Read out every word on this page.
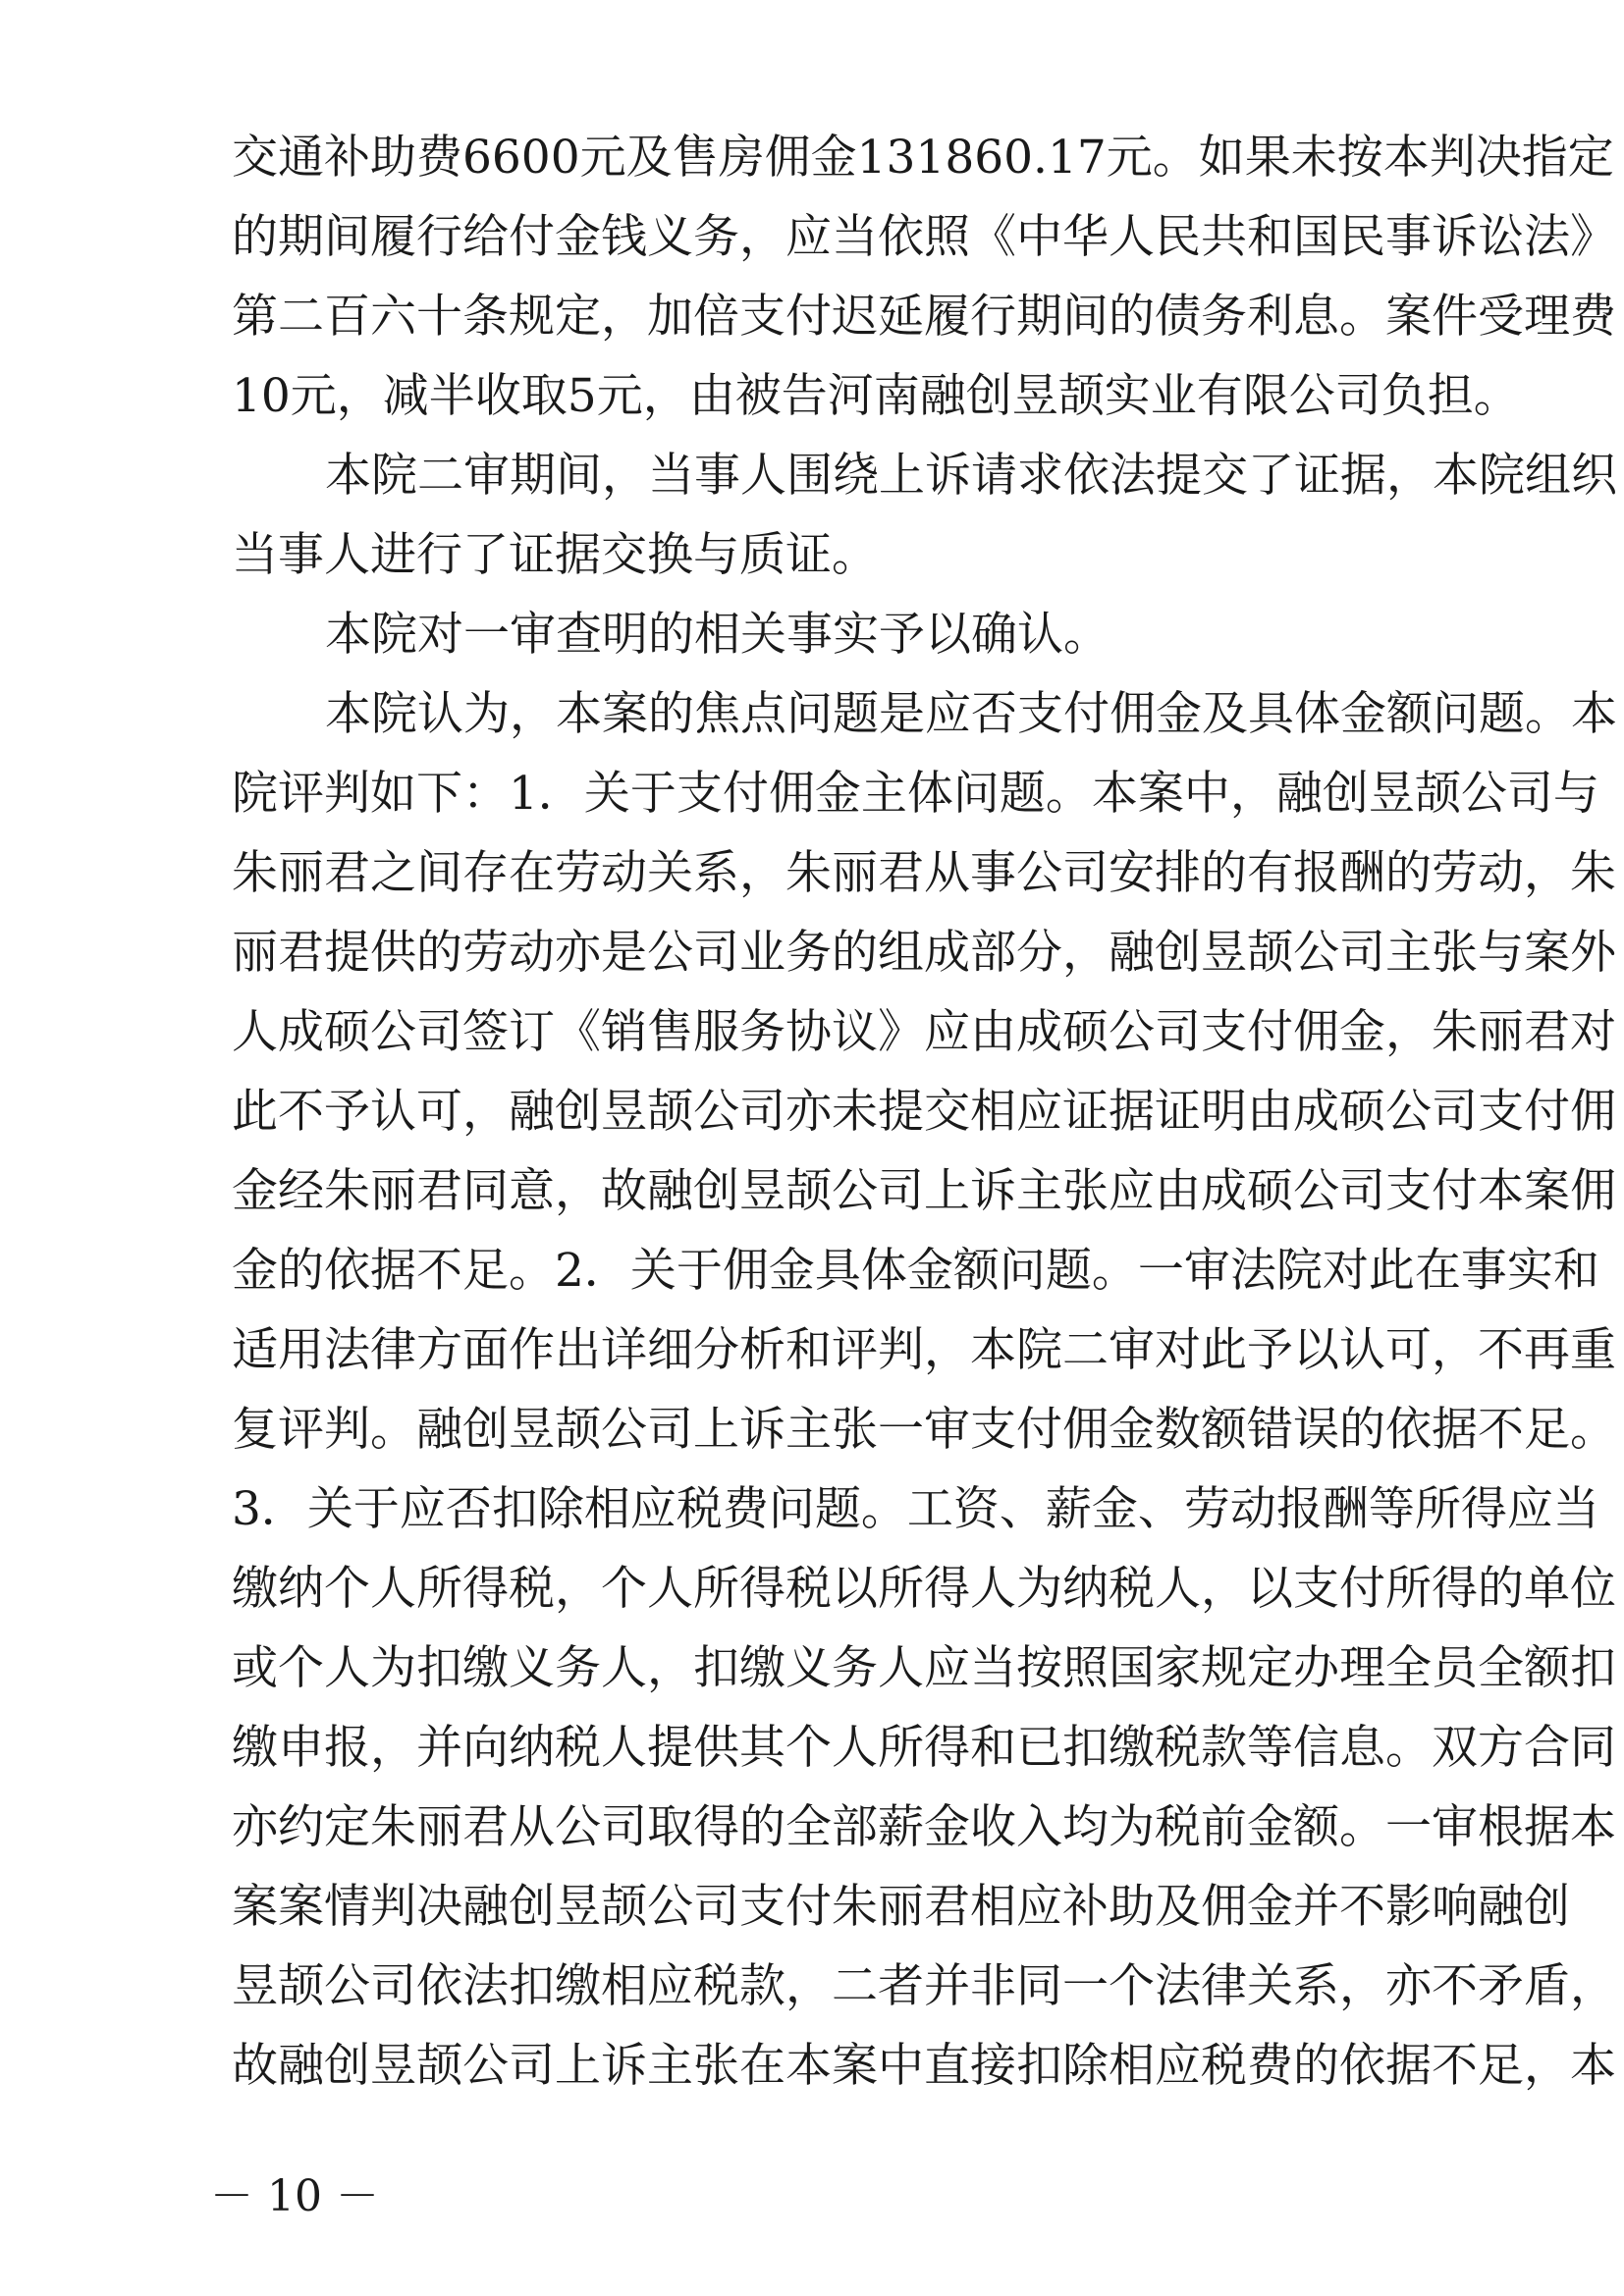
交通补助费6600元及售房佣金131860.17元。如果未按本判决指定
的期间履行给付金钱义务，应当依照《中华人民共和国民事诉讼法》
第二百六十条规定，加倍支付迟延履行期间的债务利息。案件受理费
10元，减半收取5元，由被告河南融创昱颉实业有限公司负担。
本院二审期间，当事人围绕上诉请求依法提交了证据，本院组织
当事人进行了证据交换与质证。
本院对一审查明的相关事实予以确认。
本院认为，本案的焦点问题是应否支付佣金及具体金额问题。本
院评判如下：1．关于支付佣金主体问题。本案中，融创昱颉公司与
朱丽君之间存在劳动关系，朱丽君从事公司安排的有报酬的劳动，朱
丽君提供的劳动亦是公司业务的组成部分，融创昱颉公司主张与案外
人成硕公司签订《销售服务协议》应由成硕公司支付佣金，朱丽君对
此不予认可，融创昱颉公司亦未提交相应证据证明由成硕公司支付佣
金经朱丽君同意，故融创昱颉公司上诉主张应由成硕公司支付本案佣
金的依据不足。2．关于佣金具体金额问题。一审法院对此在事实和
适用法律方面作出详细分析和评判，本院二审对此予以认可，不再重
复评判。融创昱颉公司上诉主张一审支付佣金数额错误的依据不足。
3．关于应否扣除相应税费问题。工资、薪金、劳动报酬等所得应当
缴纳个人所得税，个人所得税以所得人为纳税人，以支付所得的单位
或个人为扣缴义务人，扣缴义务人应当按照国家规定办理全员全额扣
缴申报，并向纳税人提供其个人所得和已扣缴税款等信息。双方合同
亦约定朱丽君从公司取得的全部薪金收入均为税前金额。一审根据本
案案情判决融创昱颉公司支付朱丽君相应补助及佣金并不影响融创
昱颉公司依法扣缴相应税款，二者并非同一个法律关系，亦不矛盾，
故融创昱颉公司上诉主张在本案中直接扣除相应税费的依据不足，本
－ 10 －
